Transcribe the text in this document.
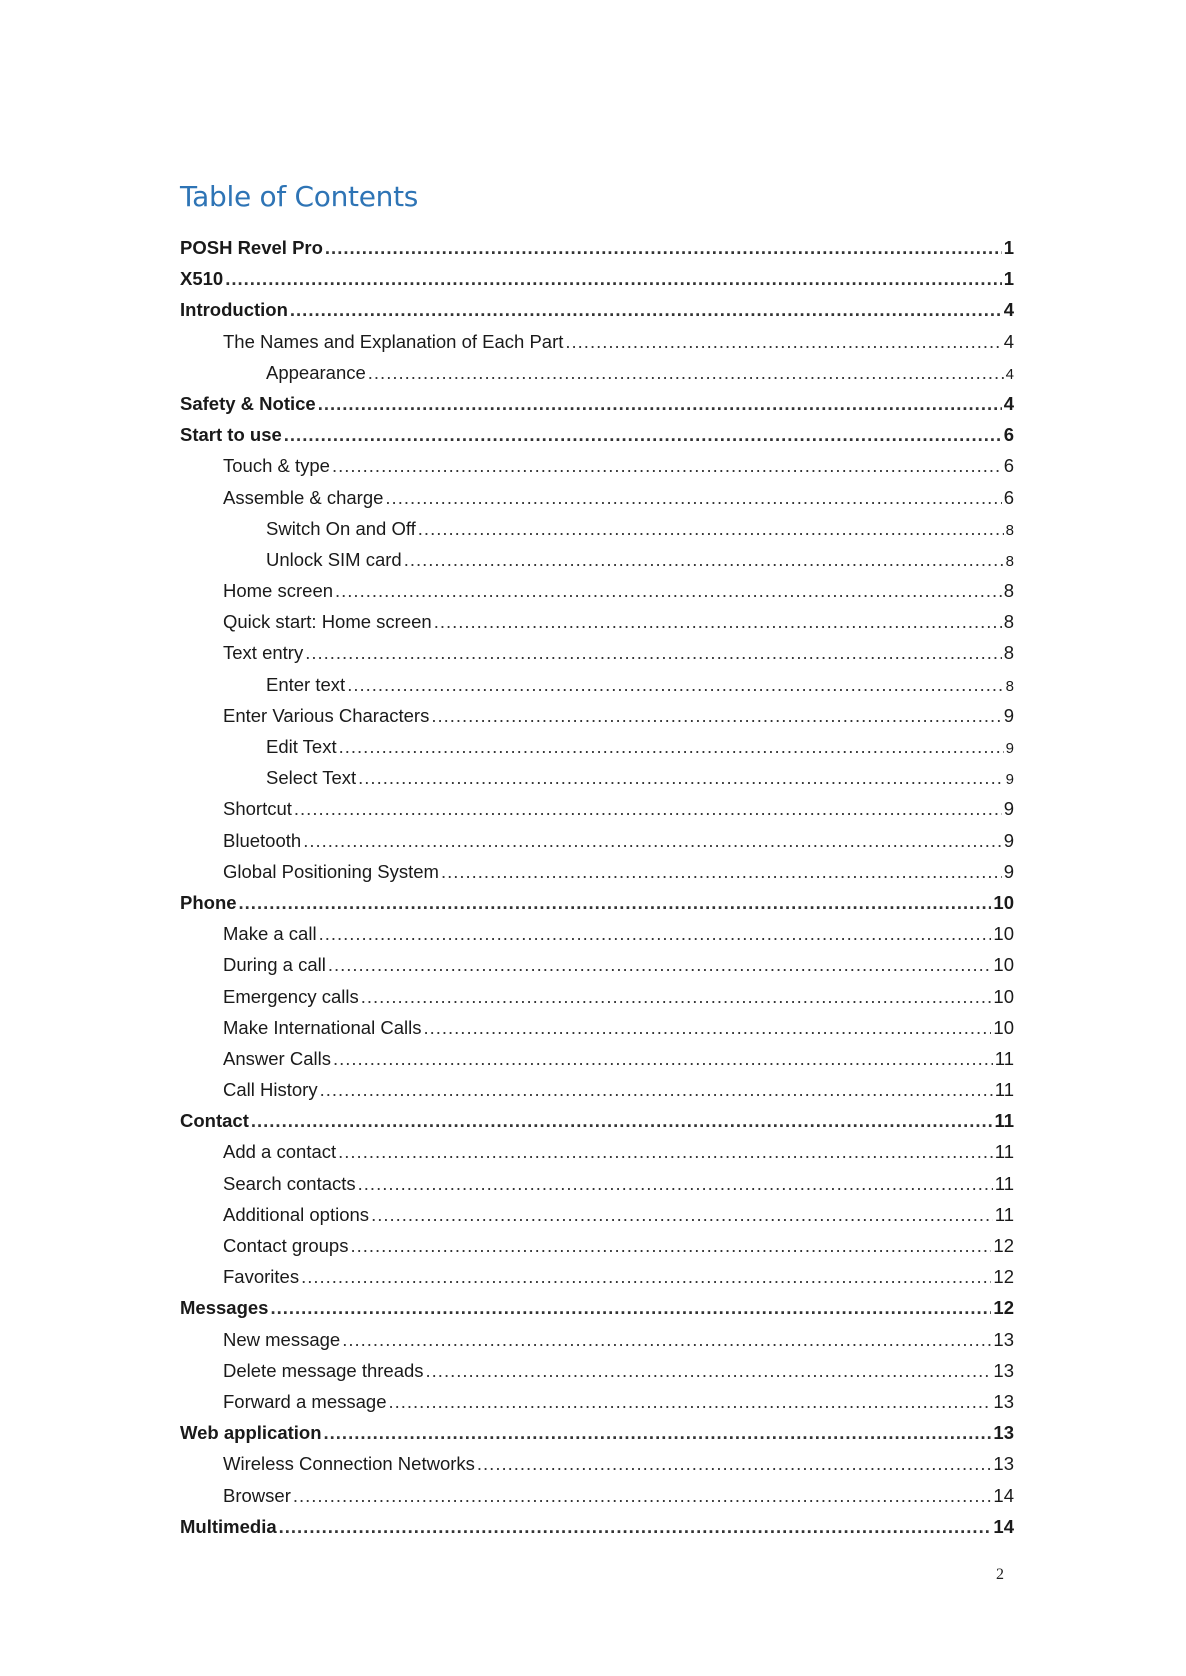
Table of Contents
POSH Revel Pro .....	1
X510 .....	1
Introduction .....	4
The Names and Explanation of Each Part .....	4
Appearance .....	4
Safety & Notice .....	4
Start to use .....	6
Touch & type .....	6
Assemble & charge .....	6
Switch On and Off .....	8
Unlock SIM card .....	8
Home screen .....	8
Quick start: Home screen .....	8
Text entry .....	8
Enter text .....	8
Enter Various Characters .....	9
Edit Text .....	9
Select Text .....	9
Shortcut .....	9
Bluetooth .....	9
Global Positioning System .....	9
Phone .....	10
Make a call .....	10
During a call .....	10
Emergency calls .....	10
Make International Calls .....	10
Answer Calls .....	11
Call History .....	11
Contact .....	11
Add a contact .....	11
Search contacts .....	11
Additional options .....	11
Contact groups .....	12
Favorites .....	12
Messages .....	12
New message .....	13
Delete message threads .....	13
Forward a message .....	13
Web application .....	13
Wireless Connection Networks .....	13
Browser .....	14
Multimedia .....	14
2
